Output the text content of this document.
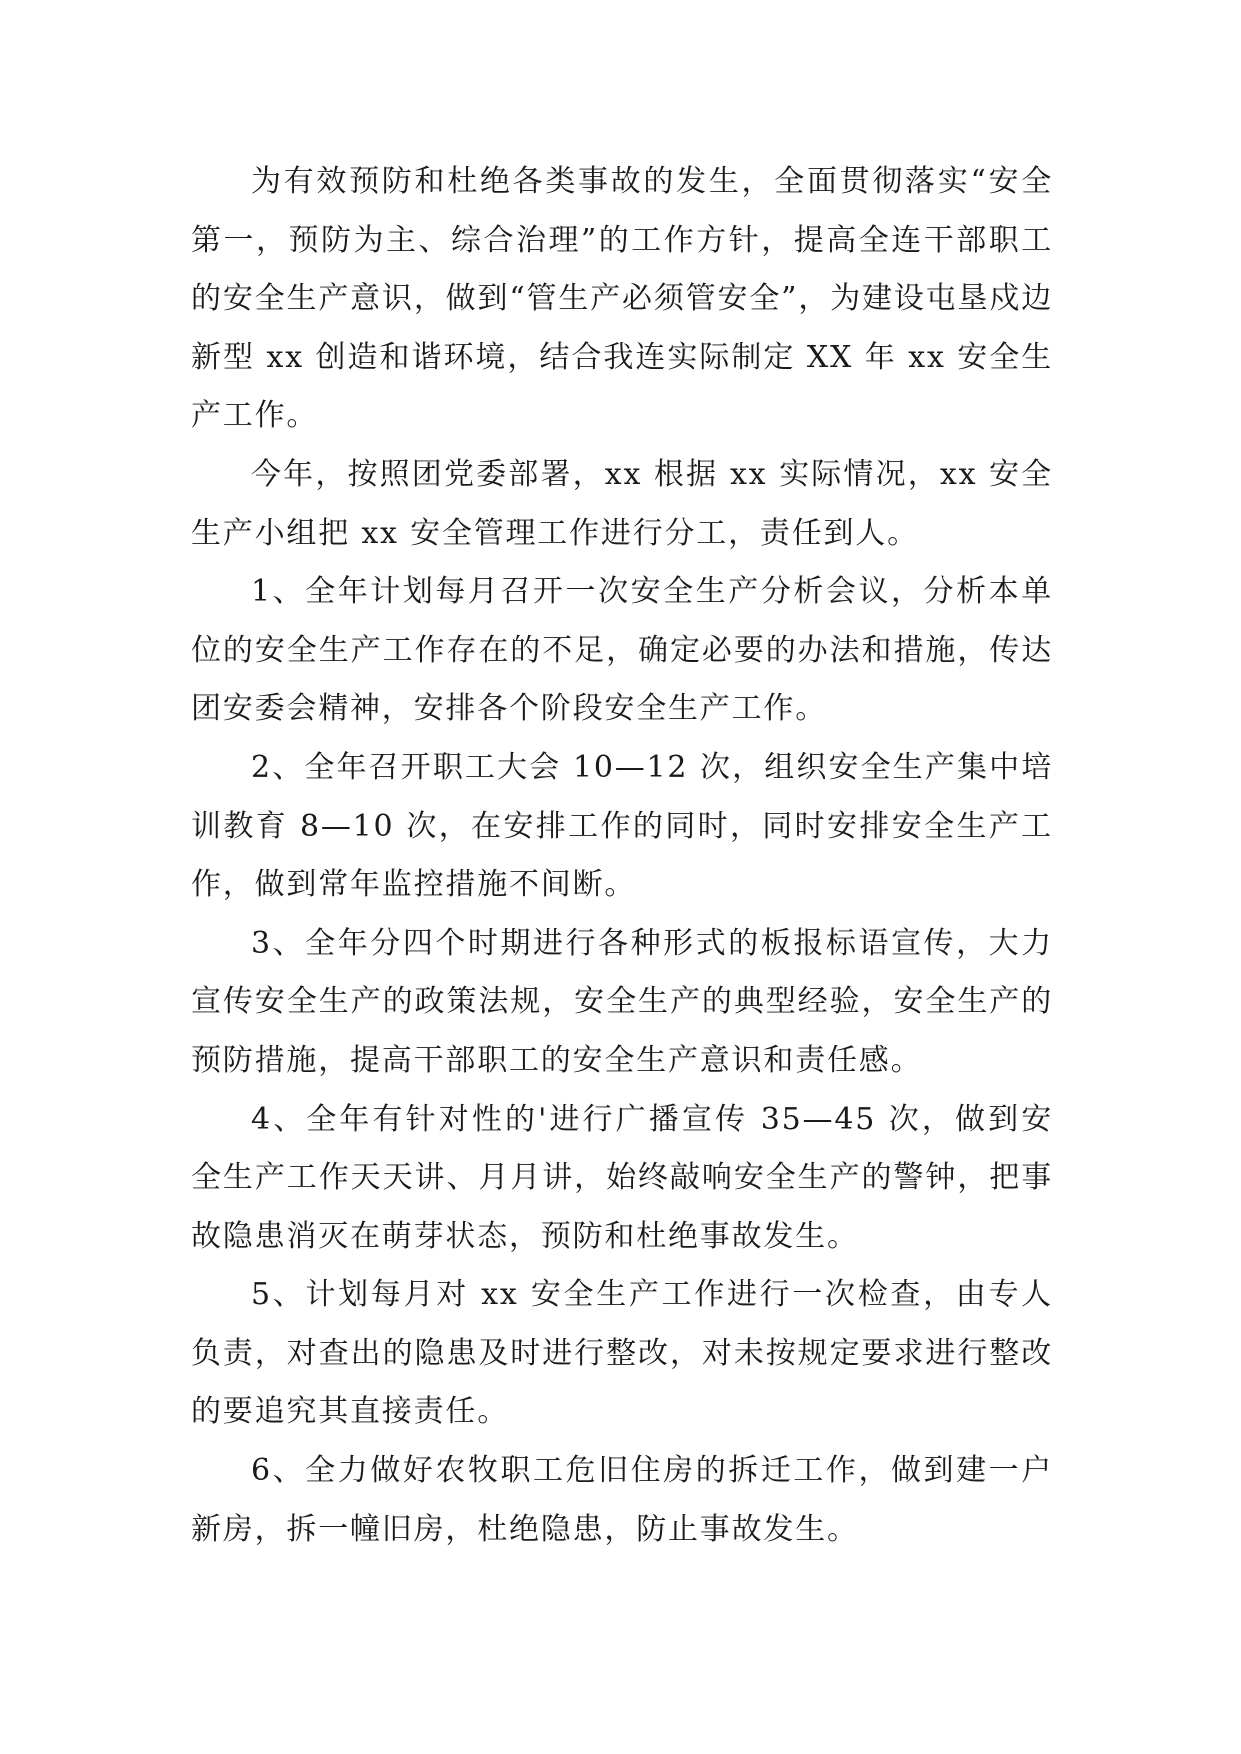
为有效预防和杜绝各类事故的发生，全面贯彻落实“安全第一，预防为主、综合治理”的工作方针，提高全连干部职工的安全生产意识，做到“管生产必须管安全”，为建设屯垦戍边新型 xx 创造和谐环境，结合我连实际制定 XX 年 xx 安全生产工作。

今年，按照团党委部署，xx 根据 xx 实际情况，xx 安全生产小组把 xx 安全管理工作进行分工，责任到人。

1、全年计划每月召开一次安全生产分析会议，分析本单位的安全生产工作存在的不足，确定必要的办法和措施，传达团安委会精神，安排各个阶段安全生产工作。

2、全年召开职工大会 10—12 次，组织安全生产集中培训教育 8—10 次，在安排工作的同时，同时安排安全生产工作，做到常年监控措施不间断。

3、全年分四个时期进行各种形式的板报标语宣传，大力宣传安全生产的政策法规，安全生产的典型经验，安全生产的预防措施，提高干部职工的安全生产意识和责任感。

4、全年有针对性的'进行广播宣传 35—45 次，做到安全生产工作天天讲、月月讲，始终敲响安全生产的警钟，把事故隐患消灭在萌芽状态，预防和杜绝事故发生。

5、计划每月对 xx 安全生产工作进行一次检查，由专人负责，对查出的隐患及时进行整改，对未按规定要求进行整改的要追究其直接责任。

6、全力做好农牧职工危旧住房的拆迁工作，做到建一户新房，拆一幢旧房，杜绝隐患，防止事故发生。
